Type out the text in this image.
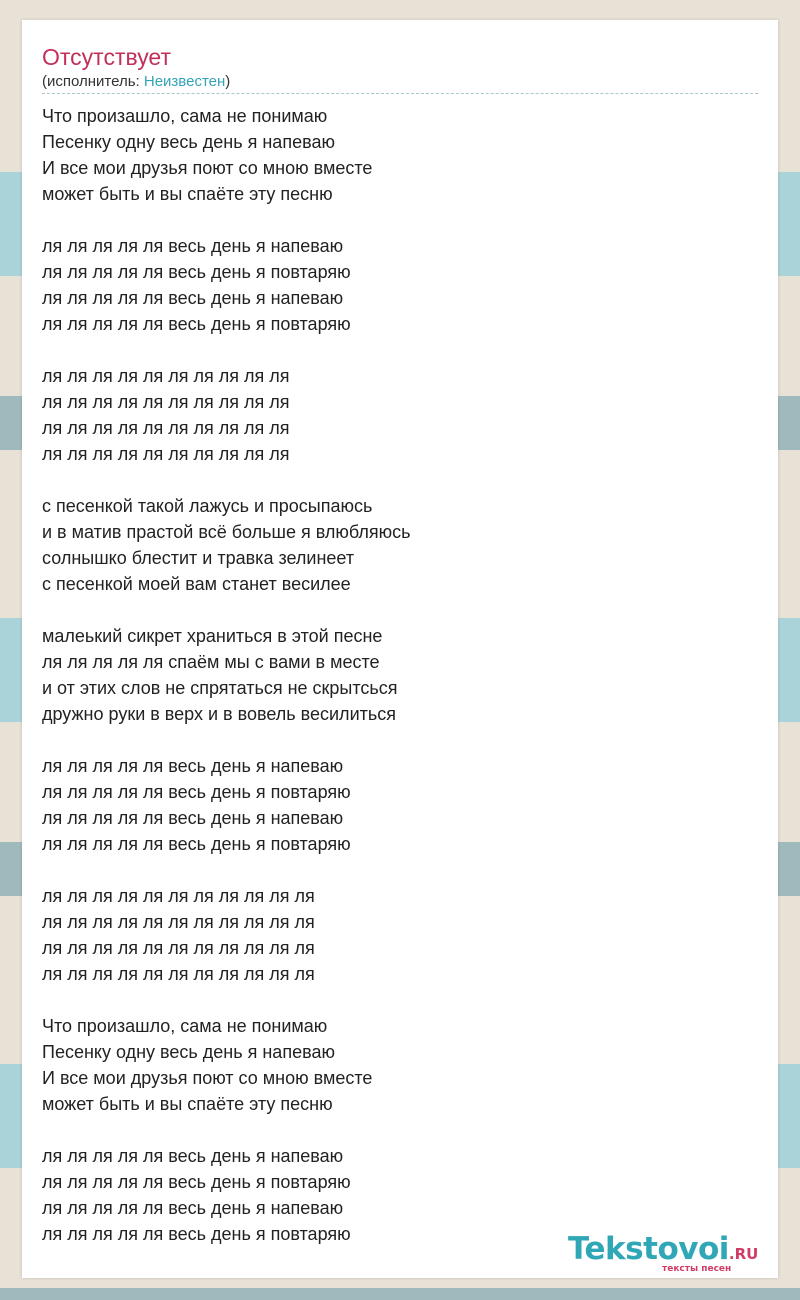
Отсутствует
(исполнитель: Неизвестен)
Что произашло, сама не понимаю
Песенку одну весь день я напеваю
И все мои друзья поют со мною вместе
может быть и вы спаёте эту песню
ля ля ля ля ля весь день я напеваю
ля ля ля ля ля весь день я повтаряю
ля ля ля ля ля весь день я напеваю
ля ля ля ля ля весь день я повтаряю
ля ля ля ля ля ля ля ля ля ля
ля ля ля ля ля ля ля ля ля ля
ля ля ля ля ля ля ля ля ля ля
ля ля ля ля ля ля ля ля ля ля
с песенкой такой лажусь и просыпаюсь
и в матив прастой всё больше я влюбляюсь
солнышко блестит и травка зелинеет
с песенкой моей вам станет весилее
малеький сикрет храниться в этой песне
ля ля ля ля ля спаём мы с вами в месте
и от этих слов не спрятаться не скрытсься
дружно руки в верх и в вовель весилиться
ля ля ля ля ля весь день я напеваю
ля ля ля ля ля весь день я повтаряю
ля ля ля ля ля весь день я напеваю
ля ля ля ля ля весь день я повтаряю
ля ля ля ля ля ля ля ля ля ля ля
ля ля ля ля ля ля ля ля ля ля ля
ля ля ля ля ля ля ля ля ля ля ля
ля ля ля ля ля ля ля ля ля ля ля
Что произашло, сама не понимаю
Песенку одну весь день я напеваю
И все мои друзья поют со мною вместе
может быть и вы спаёте эту песню
ля ля ля ля ля весь день я напеваю
ля ля ля ля ля весь день я повтаряю
ля ля ля ля ля весь день я напеваю
ля ля ля ля ля весь день я повтаряю	Tekstovoi.RU
тексты песен
